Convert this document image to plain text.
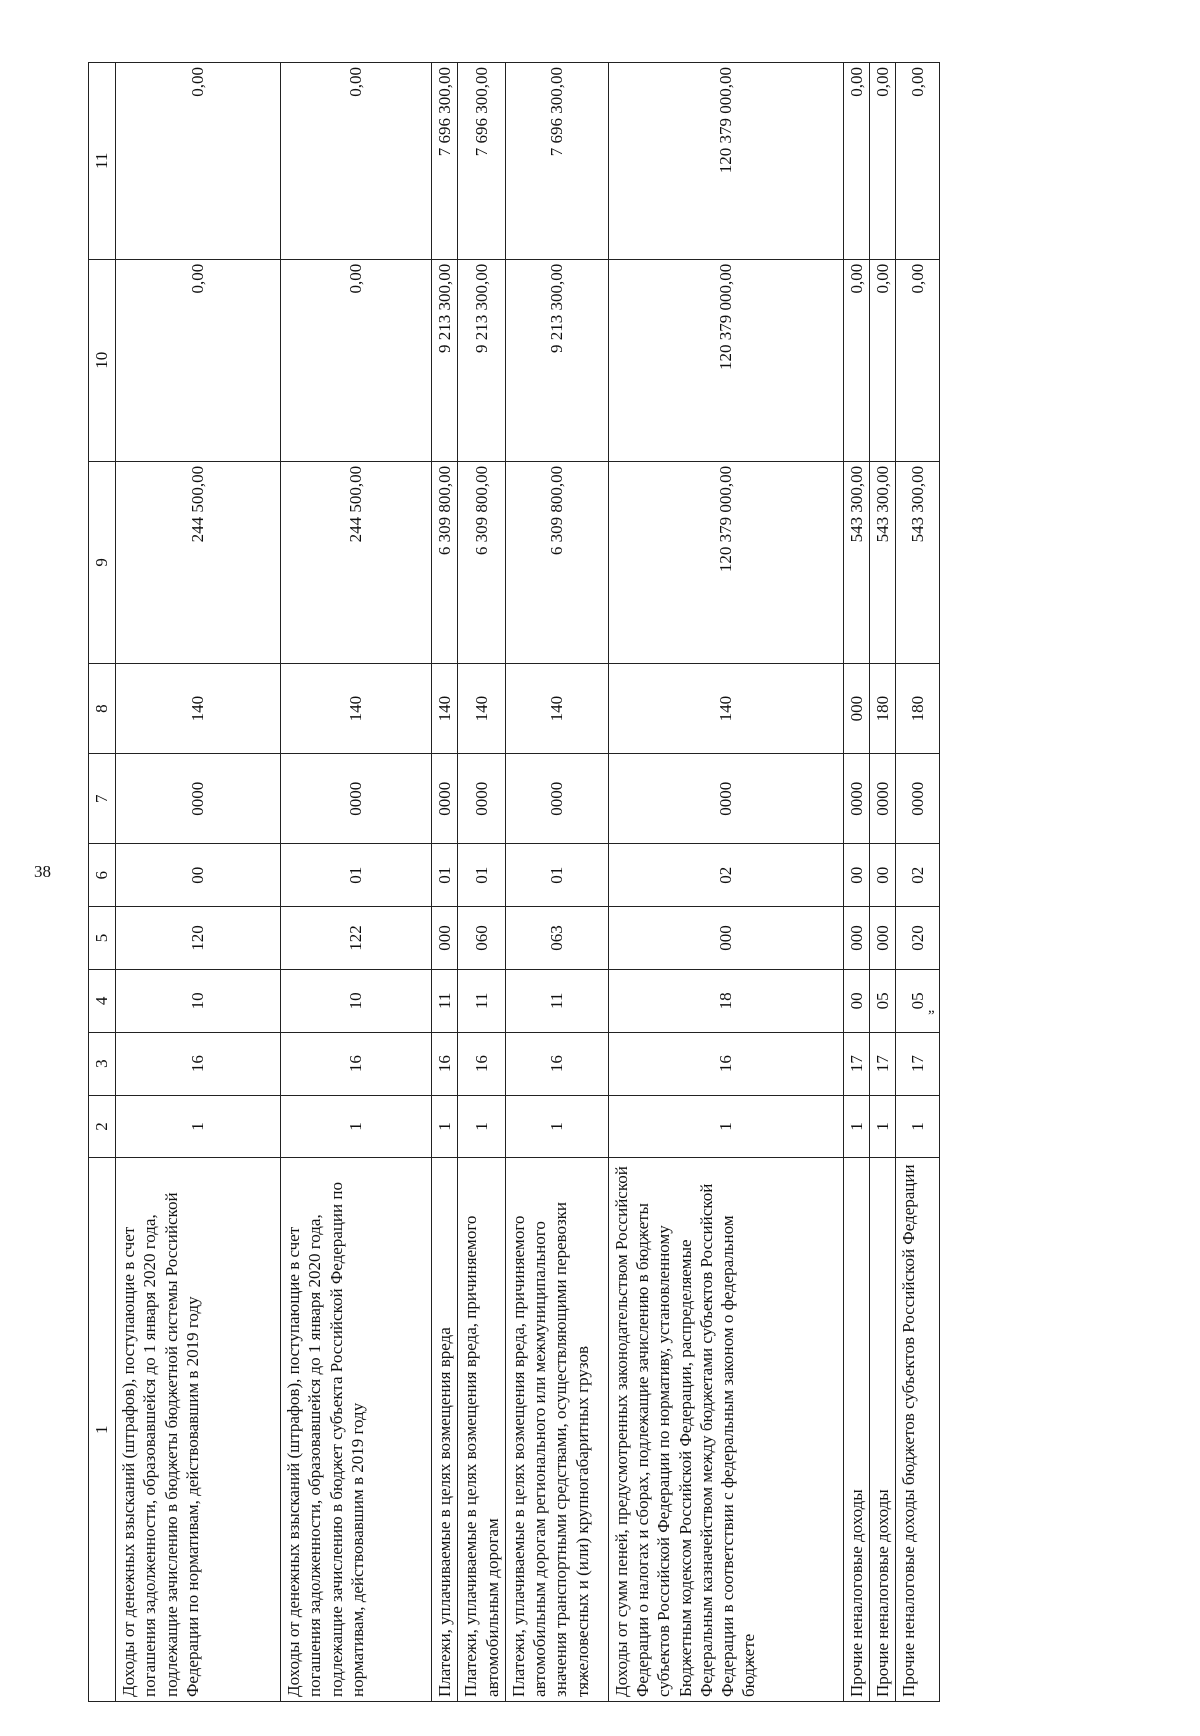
38
1	2	3	4	5	6	7	8	9	10	11
Доходы от денежных взысканий (штрафов), поступающие в счет погашения задолженности, образовавшейся до 1 января 2020 года, подлежащие зачислению в бюджеты бюджетной системы Российской Федерации по нормативам, действовавшим в 2019 году	1	16	10	120	00	0000	140	244 500,00	0,00	0,00
Доходы от денежных взысканий (штрафов), поступающие в счет погашения задолженности, образовавшейся до 1 января 2020 года, подлежащие зачислению в бюджет субъекта Российской Федерации по нормативам, действовавшим в 2019 году	1	16	10	122	01	0000	140	244 500,00	0,00	0,00
Платежи, уплачиваемые в целях возмещения вреда	1	16	11	000	01	0000	140	6 309 800,00	9 213 300,00	7 696 300,00
Платежи, уплачиваемые в целях возмещения вреда, причиняемого автомобильным дорогам	1	16	11	060	01	0000	140	6 309 800,00	9 213 300,00	7 696 300,00
Платежи, уплачиваемые в целях возмещения вреда, причиняемого автомобильным дорогам регионального или межмуниципального значения транспортными средствами, осуществляющими перевозки тяжеловесных и (или) крупногабаритных грузов	1	16	11	063	01	0000	140	6 309 800,00	9 213 300,00	7 696 300,00
Доходы от сумм пеней, предусмотренных законодательством Российской Федерации о налогах и сборах, подлежащие зачислению в бюджеты субъектов Российской Федерации по нормативу, установленному Бюджетным кодексом Российской Федерации, распределяемые Федеральным казначейством между бюджетами субъектов Российской Федерации в соответствии с федеральным законом о федеральном бюджете	1	16	18	000	02	0000	140	120 379 000,00	120 379 000,00	120 379 000,00
Прочие неналоговые доходы	1	17	00	000	00	0000	000	543 300,00	0,00	0,00
Прочие неналоговые доходы	1	17	05	000	00	0000	180	543 300,00	0,00	0,00
Прочие неналоговые доходы бюджетов субъектов Российской Федерации	1	17	05	020	02	0000	180	543 300,00	0,00	0,00
”
